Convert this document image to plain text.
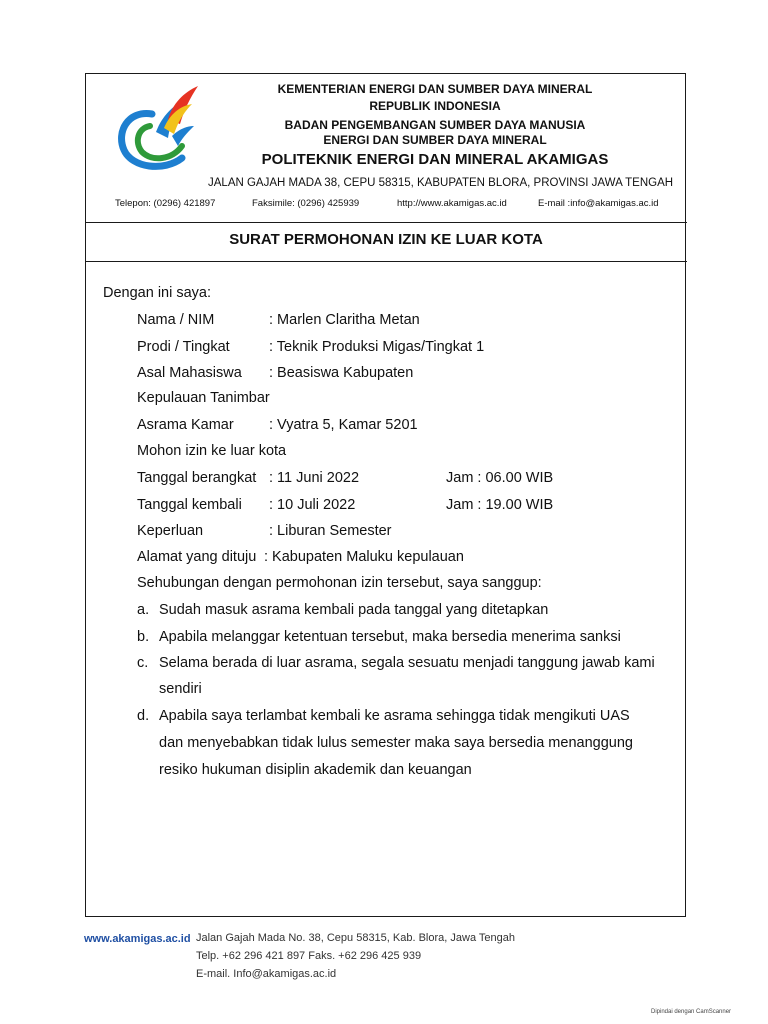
KEMENTERIAN ENERGI DAN SUMBER DAYA MINERAL
REPUBLIK INDONESIA
BADAN PENGEMBANGAN SUMBER DAYA MANUSIA
ENERGI DAN SUMBER DAYA MINERAL
POLITEKNIK ENERGI DAN MINERAL AKAMIGAS
JALAN GAJAH MADA 38, CEPU 58315, KABUPATEN BLORA, PROVINSI JAWA TENGAH
Telepon: (0296) 421897	Faksimile: (0296) 425939	http://www.akamigas.ac.id	E-mail :info@akamigas.ac.id
SURAT PERMOHONAN IZIN KE LUAR KOTA
Dengan ini saya:
Nama / NIM	: Marlen Claritha Metan
Prodi / Tingkat	: Teknik Produksi Migas/Tingkat 1
Asal Mahasiswa : Beasiswa Kabupaten
Kepulauan Tanimbar
Asrama Kamar : Vyatra 5, Kamar 5201
Mohon izin ke luar kota
Tanggal berangkat : 11 Juni 2022	Jam : 06.00 WIB
Tanggal kembali : 10 Juli 2022	Jam : 19.00 WIB
Keperluan	: Liburan Semester
Alamat yang dituju : Kabupaten Maluku kepulauan
Sehubungan dengan permohonan izin tersebut, saya sanggup:
a. Sudah masuk asrama kembali pada tanggal yang ditetapkan
b. Apabila melanggar ketentuan tersebut, maka bersedia menerima sanksi
c. Selama berada di luar asrama, segala sesuatu menjadi tanggung jawab kami
sendiri
d. Apabila saya terlambat kembali ke asrama sehingga tidak mengikuti UAS
dan menyebabkan tidak lulus semester maka saya bersedia menanggung
resiko hukuman disiplin akademik dan keuangan
www.akamigas.ac.id Jalan Gajah Mada No. 38, Cepu 58315, Kab. Blora, Jawa Tengah
Telp. +62 296 421 897 Faks. +62 296 425 939
E-mail. Info@akamigas.ac.id
Dipindai dengan CamScanner
